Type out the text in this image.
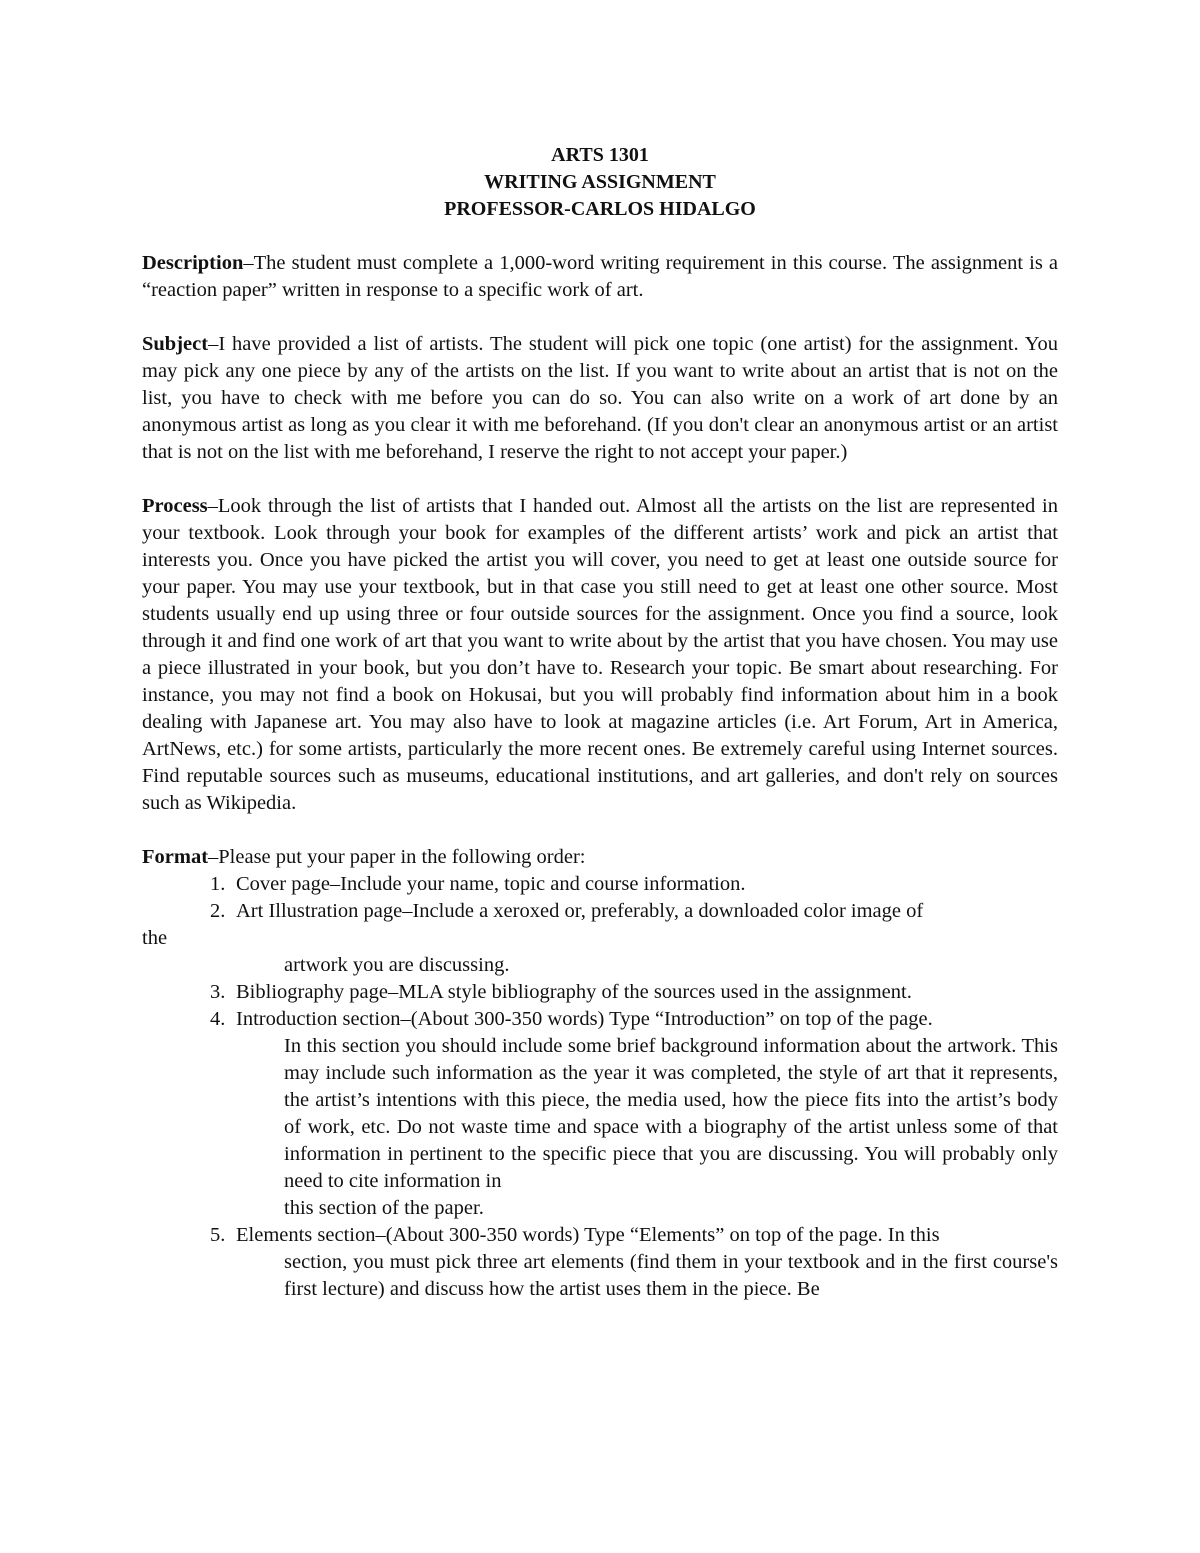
ARTS 1301
WRITING ASSIGNMENT
PROFESSOR-CARLOS HIDALGO

Description–The student must complete a 1,000-word writing requirement in this course. The assignment is a “reaction paper” written in response to a specific work of art.

Subject–I have provided a list of artists. The student will pick one topic (one artist) for the assignment. You may pick any one piece by any of the artists on the list. If you want to write about an artist that is not on the list, you have to check with me before you can do so. You can also write on a work of art done by an anonymous artist as long as you clear it with me beforehand. (If you don't clear an anonymous artist or an artist that is not on the list with me beforehand, I reserve the right to not accept your paper.)

Process–Look through the list of artists that I handed out. Almost all the artists on the list are represented in your textbook. Look through your book for examples of the different artists’ work and pick an artist that interests you. Once you have picked the artist you will cover, you need to get at least one outside source for your paper. You may use your textbook, but in that case you still need to get at least one other source. Most students usually end up using three or four outside sources for the assignment. Once you find a source, look through it and find one work of art that you want to write about by the artist that you have chosen. You may use a piece illustrated in your book, but you don’t have to. Research your topic. Be smart about researching. For instance, you may not find a book on Hokusai, but you will probably find information about him in a book dealing with Japanese art. You may also have to look at magazine articles (i.e. Art Forum, Art in America, ArtNews, etc.) for some artists, particularly the more recent ones. Be extremely careful using Internet sources. Find reputable sources such as museums, educational institutions, and art galleries, and don't rely on sources such as Wikipedia.

Format–Please put your paper in the following order:

1. Cover page–Include your name, topic and course information.
2. Art Illustration page–Include a xeroxed or, preferably, a downloaded color image of
the
artwork you are discussing.
3. Bibliography page–MLA style bibliography of the sources used in the assignment.
4. Introduction section–(About 300-350 words) Type “Introduction” on top of the page.
In this section you should include some brief background information about the artwork. This may include such information as the year it was completed, the style of art that it represents, the artist’s intentions with this piece, the media used, how the piece fits into the artist’s body of work, etc. Do not waste time and space with a biography of the artist unless some of that information in pertinent to the specific piece that you are discussing. You will probably only need to cite information in
this section of the paper.
5. Elements section–(About 300-350 words) Type “Elements” on top of the page. In this
section, you must pick three art elements (find them in your textbook and in the first course's first lecture) and discuss how the artist uses them in the piece. Be
